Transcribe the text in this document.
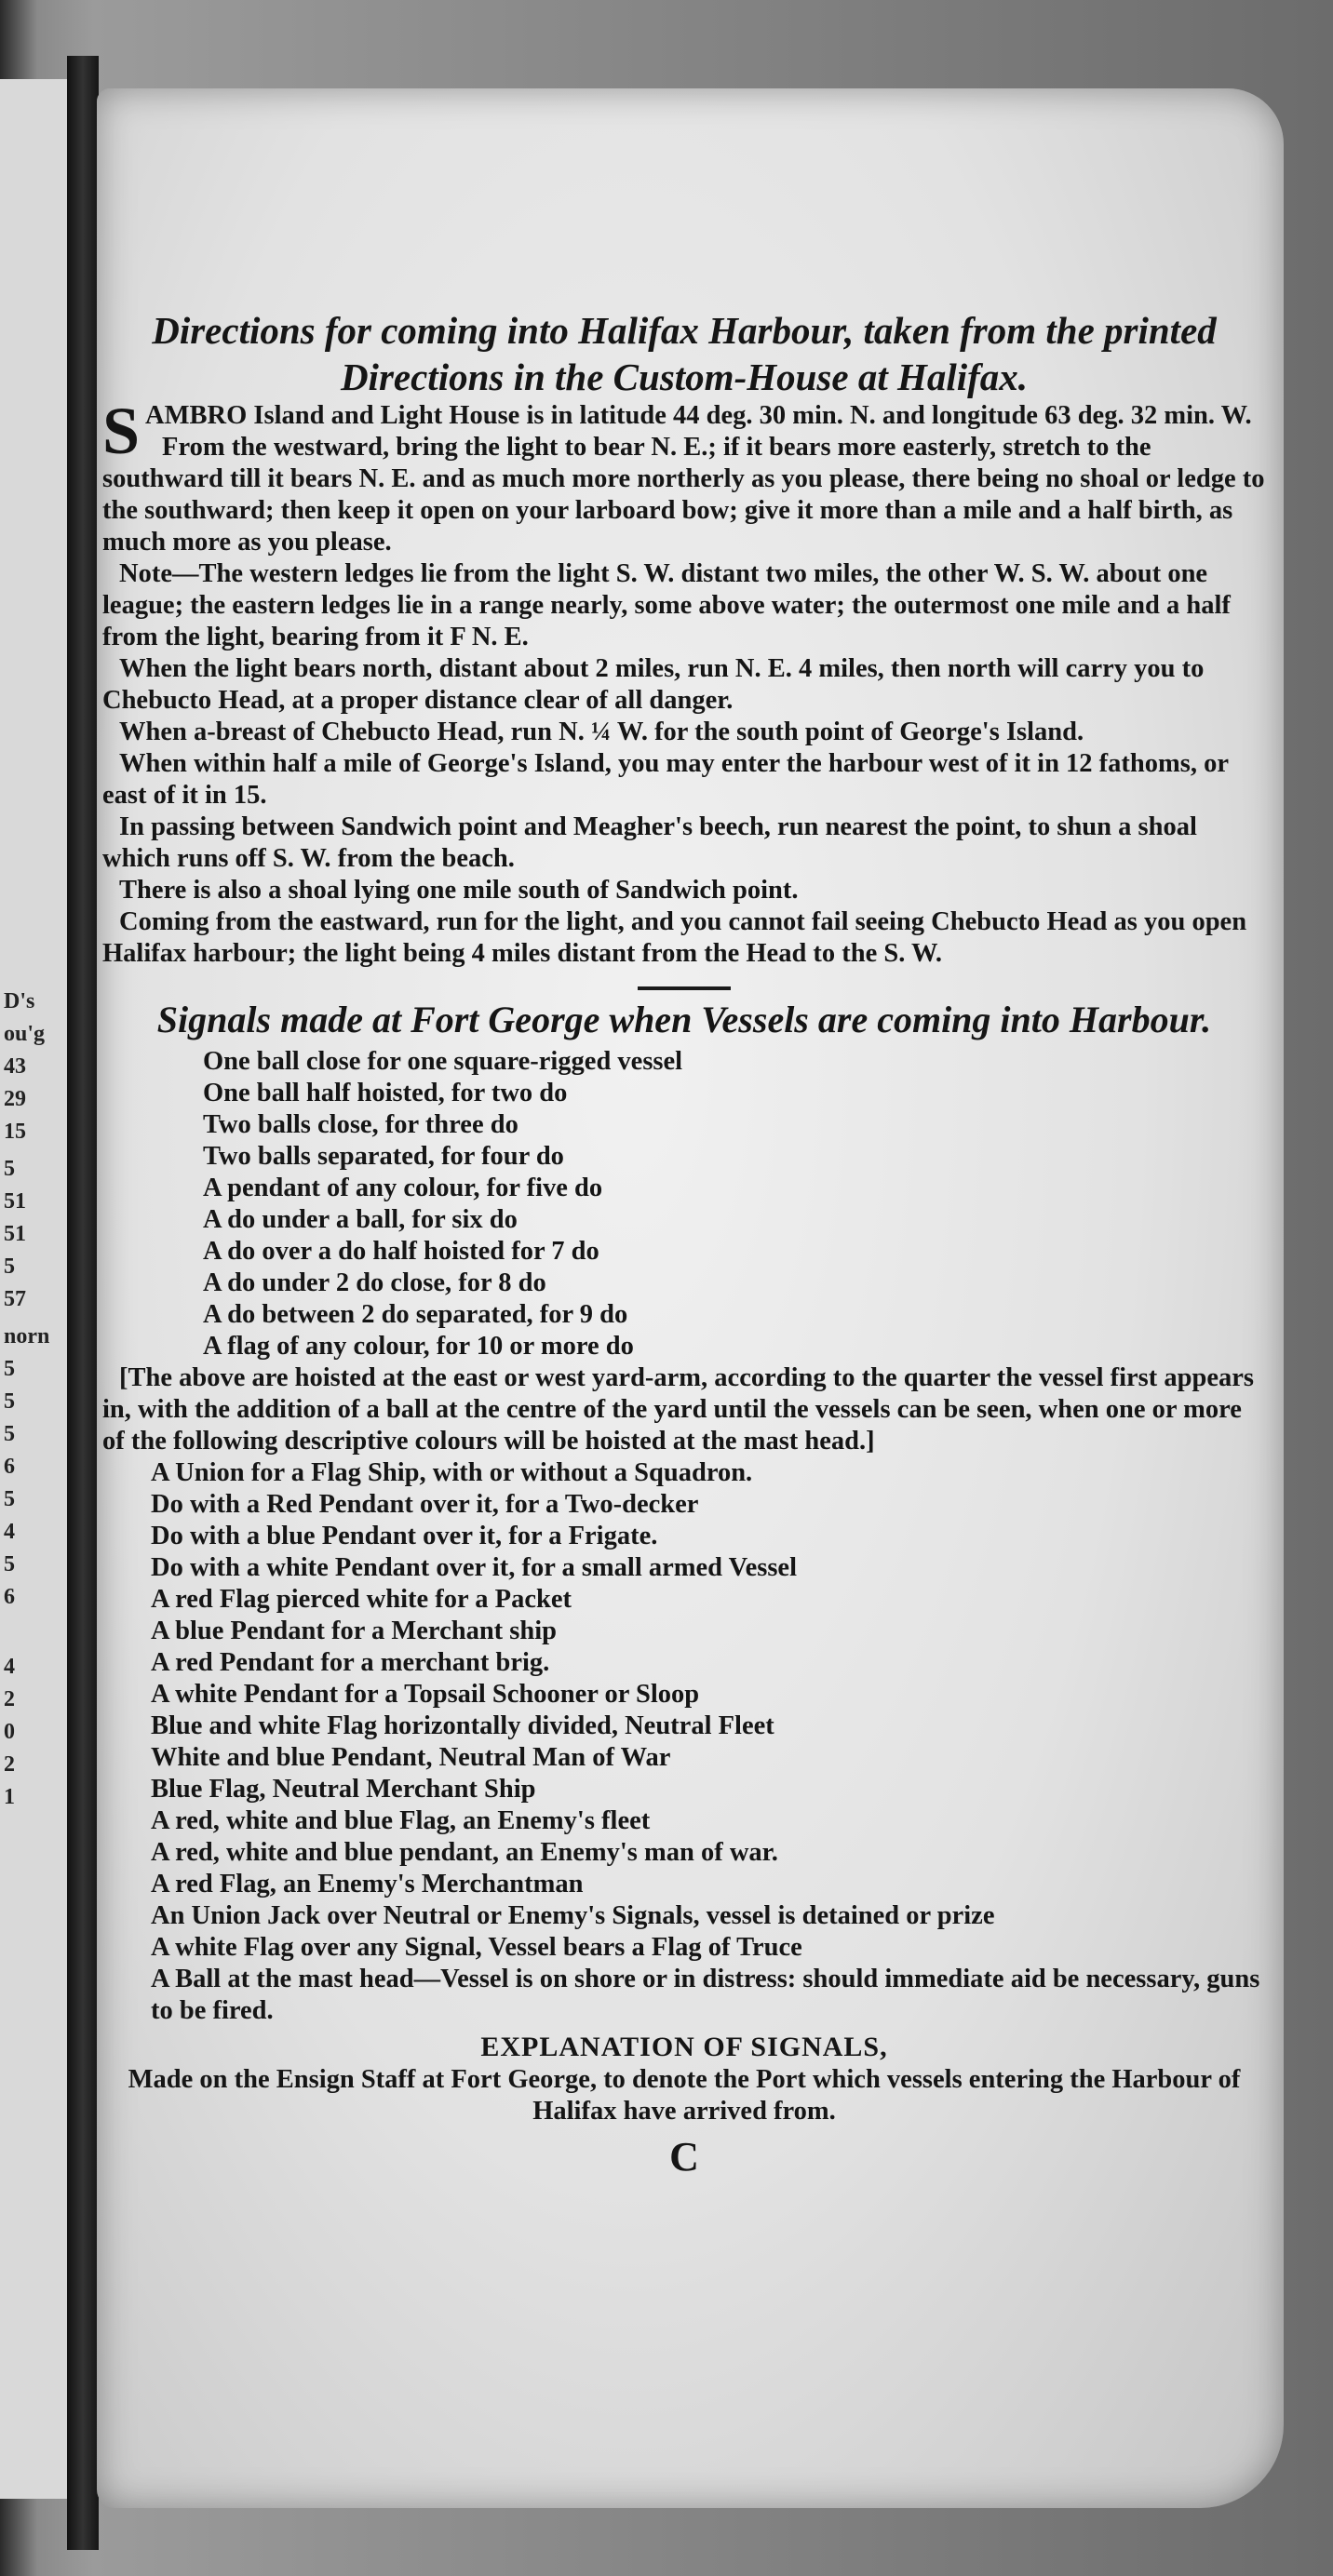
D's
ou'g
43
29
15
5
51
51
5
57
norn
5
5
5
6
5
4
5
6
4
2
0
2
1
Directions for coming into Halifax Harbour, taken from the printed Directions in the Custom-House at Halifax.

SAMBRO Island and Light House is in latitude 44 deg. 30 min. N. and longitude 63 deg. 32 min. W.

From the westward, bring the light to bear N. E.; if it bears more easterly, stretch to the southward till it bears N. E. and as much more northerly as you please, there being no shoal or ledge to the southward; then keep it open on your larboard bow; give it more than a mile and a half birth, as much more as you please.

Note—The western ledges lie from the light S. W. distant two miles, the other W. S. W. about one league; the eastern ledges lie in a range nearly, some above water; the outermost one mile and a half from the light, bearing from it F N. E.

When the light bears north, distant about 2 miles, run N. E. 4 miles, then north will carry you to Chebucto Head, at a proper distance clear of all danger.

When a-breast of Chebucto Head, run N. ¼ W. for the south point of George's Island.

When within half a mile of George's Island, you may enter the harbour west of it in 12 fathoms, or east of it in 15.

In passing between Sandwich point and Meagher's beech, run nearest the point, to shun a shoal which runs off S. W. from the beach.

There is also a shoal lying one mile south of Sandwich point.

Coming from the eastward, run for the light, and you cannot fail seeing Chebucto Head as you open Halifax harbour; the light being 4 miles distant from the Head to the S. W.

Signals made at Fort George when Vessels are coming into Harbour.
One ball close for one square-rigged vessel
One ball half hoisted, for two do
Two balls close, for three do
Two balls separated, for four do
A pendant of any colour, for five do
A do under a ball, for six do
A do over a do half hoisted for 7 do
A do under 2 do close, for 8 do
A do between 2 do separated, for 9 do
A flag of any colour, for 10 or more do

[The above are hoisted at the east or west yard-arm, according to the quarter the vessel first appears in, with the addition of a ball at the centre of the yard until the vessels can be seen, when one or more of the following descriptive colours will be hoisted at the mast head.]

A Union for a Flag Ship, with or without a Squadron.
Do with a Red Pendant over it, for a Two-decker
Do with a blue Pendant over it, for a Frigate.
Do with a white Pendant over it, for a small armed Vessel
A red Flag pierced white for a Packet
A blue Pendant for a Merchant ship
A red Pendant for a merchant brig.
A white Pendant for a Topsail Schooner or Sloop
Blue and white Flag horizontally divided, Neutral Fleet
White and blue Pendant, Neutral Man of War
Blue Flag, Neutral Merchant Ship
A red, white and blue Flag, an Enemy's fleet
A red, white and blue pendant, an Enemy's man of war.
A red Flag, an Enemy's Merchantman
An Union Jack over Neutral or Enemy's Signals, vessel is detained or prize
A white Flag over any Signal, Vessel bears a Flag of Truce
A Ball at the mast head—Vessel is on shore or in distress: should immediate aid be necessary, guns to be fired.

EXPLANATION OF SIGNALS,

Made on the Ensign Staff at Fort George, to denote the Port which vessels entering the Harbour of Halifax have arrived from.

C
